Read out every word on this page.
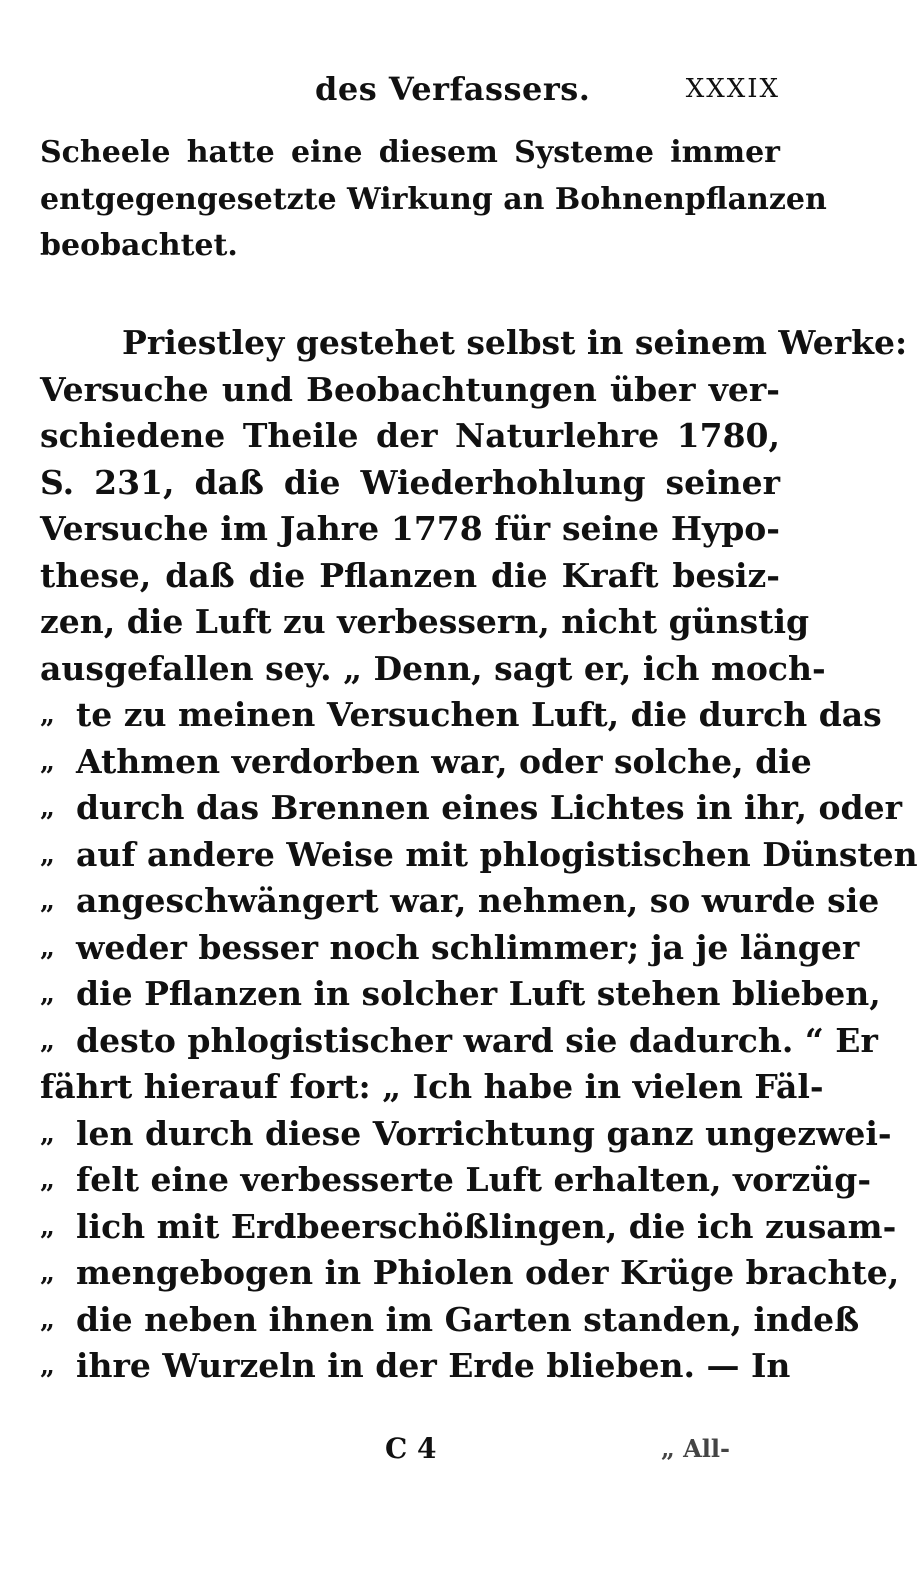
des Verfassers.	XXXIX
Scheele hatte eine diesem Systeme immer
entgegengesetzte Wirkung an Bohnenpflanzen
beobachtet.
Priestley gestehet selbst in seinem Werke:
Versuche und Beobachtungen über ver-
schiedene Theile der Naturlehre 1780,
S. 231, daß die Wiederhohlung seiner
Versuche im Jahre 1778 für seine Hypo-
these, daß die Pflanzen die Kraft besiz-
zen, die Luft zu verbessern, nicht günstig
ausgefallen sey. „ Denn, sagt er, ich moch-
„ te zu meinen Versuchen Luft, die durch das
„ Athmen verdorben war, oder solche, die
„ durch das Brennen eines Lichtes in ihr, oder
„ auf andere Weise mit phlogistischen Dünsten
„ angeschwängert war, nehmen, so wurde sie
„ weder besser noch schlimmer; ja je länger
„ die Pflanzen in solcher Luft stehen blieben,
„ desto phlogistischer ward sie dadurch. “ Er
fährt hierauf fort: „ Ich habe in vielen Fäl-
„ len durch diese Vorrichtung ganz ungezwei-
„ felt eine verbesserte Luft erhalten, vorzüg-
„ lich mit Erdbeerschößlingen, die ich zusam-
„ mengebogen in Phiolen oder Krüge brachte,
„ die neben ihnen im Garten standen, indeß
„ ihre Wurzeln in der Erde blieben. — In
C 4	„ All-
